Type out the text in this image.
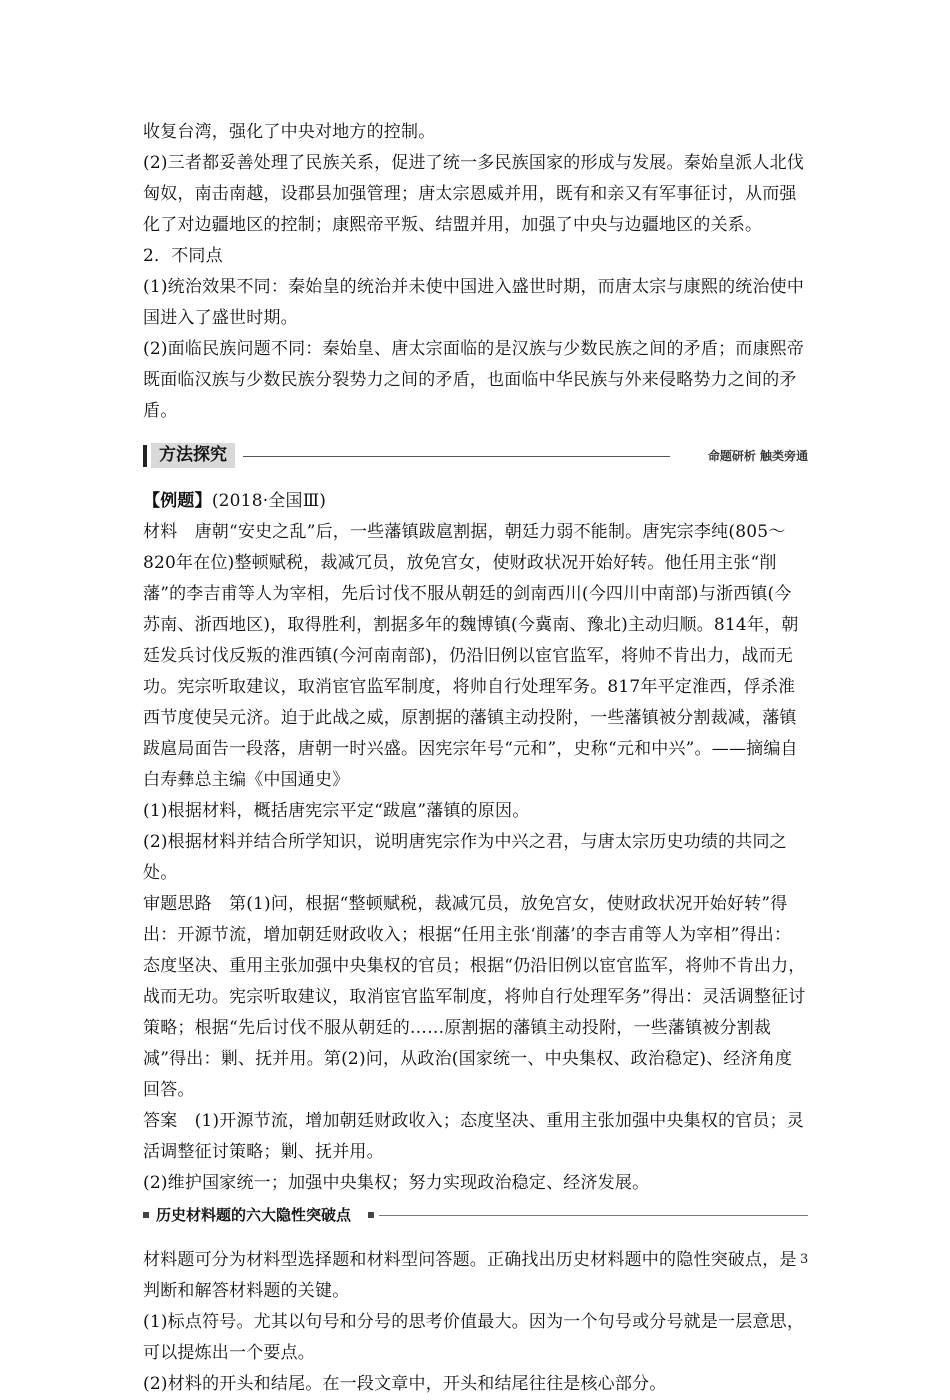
收复台湾，强化了中央对地方的控制。

(2)三者都妥善处理了民族关系，促进了统一多民族国家的形成与发展。秦始皇派人北伐匈奴，南击南越，设郡县加强管理；唐太宗恩威并用，既有和亲又有军事征讨，从而强化了对边疆地区的控制；康熙帝平叛、结盟并用，加强了中央与边疆地区的关系。

2．不同点

(1)统治效果不同：秦始皇的统治并未使中国进入盛世时期，而唐太宗与康熙的统治使中国进入了盛世时期。

(2)面临民族问题不同：秦始皇、唐太宗面临的是汉族与少数民族之间的矛盾；而康熙帝既面临汉族与少数民族分裂势力之间的矛盾，也面临中华民族与外来侵略势力之间的矛盾。

方法探究	命题研析 触类旁通

【例题】(2018·全国Ⅲ)

材料　唐朝“安史之乱”后，一些藩镇跋扈割据，朝廷力弱不能制。唐宪宗李纯(805～820年在位)整顿赋税，裁减冗员，放免宫女，使财政状况开始好转。他任用主张“削藩”的李吉甫等人为宰相，先后讨伐不服从朝廷的剑南西川(今四川中南部)与浙西镇(今苏南、浙西地区)，取得胜利，割据多年的魏博镇(今冀南、豫北)主动归顺。814年，朝廷发兵讨伐反叛的淮西镇(今河南南部)，仍沿旧例以宦官监军，将帅不肯出力，战而无功。宪宗听取建议，取消宦官监军制度，将帅自行处理军务。817年平定淮西，俘杀淮西节度使吴元济。迫于此战之威，原割据的藩镇主动投附，一些藩镇被分割裁减，藩镇跋扈局面告一段落，唐朝一时兴盛。因宪宗年号“元和”，史称“元和中兴”。——摘编自白寿彝总主编《中国通史》

(1)根据材料，概括唐宪宗平定“跋扈”藩镇的原因。

(2)根据材料并结合所学知识，说明唐宪宗作为中兴之君，与唐太宗历史功绩的共同之处。

审题思路　第(1)问，根据“整顿赋税，裁减冗员，放免宫女，使财政状况开始好转”得出：开源节流，增加朝廷财政收入；根据“任用主张‘削藩’的李吉甫等人为宰相”得出：态度坚决、重用主张加强中央集权的官员；根据“仍沿旧例以宦官监军，将帅不肯出力，战而无功。宪宗听取建议，取消宦官监军制度，将帅自行处理军务”得出：灵活调整征讨策略；根据“先后讨伐不服从朝廷的……原割据的藩镇主动投附，一些藩镇被分割裁减”得出：剿、抚并用。第(2)问，从政治(国家统一、中央集权、政治稳定)、经济角度回答。

答案　(1)开源节流，增加朝廷财政收入；态度坚决、重用主张加强中央集权的官员；灵活调整征讨策略；剿、抚并用。

(2)维护国家统一；加强中央集权；努力实现政治稳定、经济发展。

历史材料题的六大隐性突破点

材料题可分为材料型选择题和材料型问答题。正确找出历史材料题中的隐性突破点，是判断和解答材料题的关键。

(1)标点符号。尤其以句号和分号的思考价值最大。因为一个句号或分号就是一层意思，可以提炼出一个要点。

(2)材料的开头和结尾。在一段文章中，开头和结尾往往是核心部分。

3
